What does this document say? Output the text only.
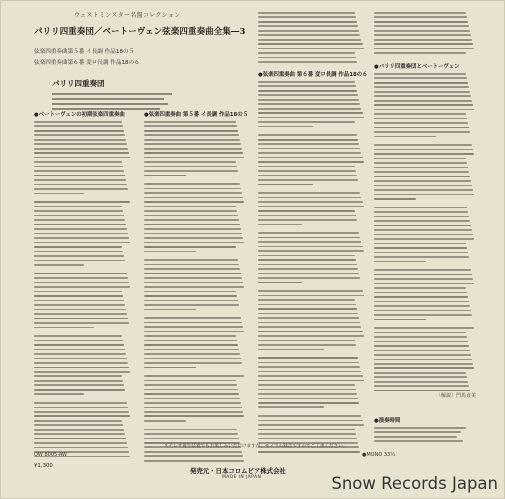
ウェストミンスター名盤コレクション
パリリ四重奏団／ベートーヴェン弦楽四重奏曲全集―3
弦楽四重奏曲第５番 イ長調 作品18の５
弦楽四重奏曲第６番 変ロ長調 作品18の６
パリリ四重奏団
●ベートーヴェンの初期弦楽四重奏曲	●弦楽四重奏曲 第５番 イ長調 作品18の５
●弦楽四重奏曲 第６番 変ロ長調 作品18の６
●バリリ四重奏団とベートーヴェン
〔解説〕門馬直美
●演奏時間
OW 8005-AW
ステレオ再生装置でもお楽しみいただけますが、モノラル録音ですのでご了承ください。
●MONO 33⅓
¥1,300
発売元・日本コロムビア株式会社
MADE IN JAPAN	Snow Records Japan
